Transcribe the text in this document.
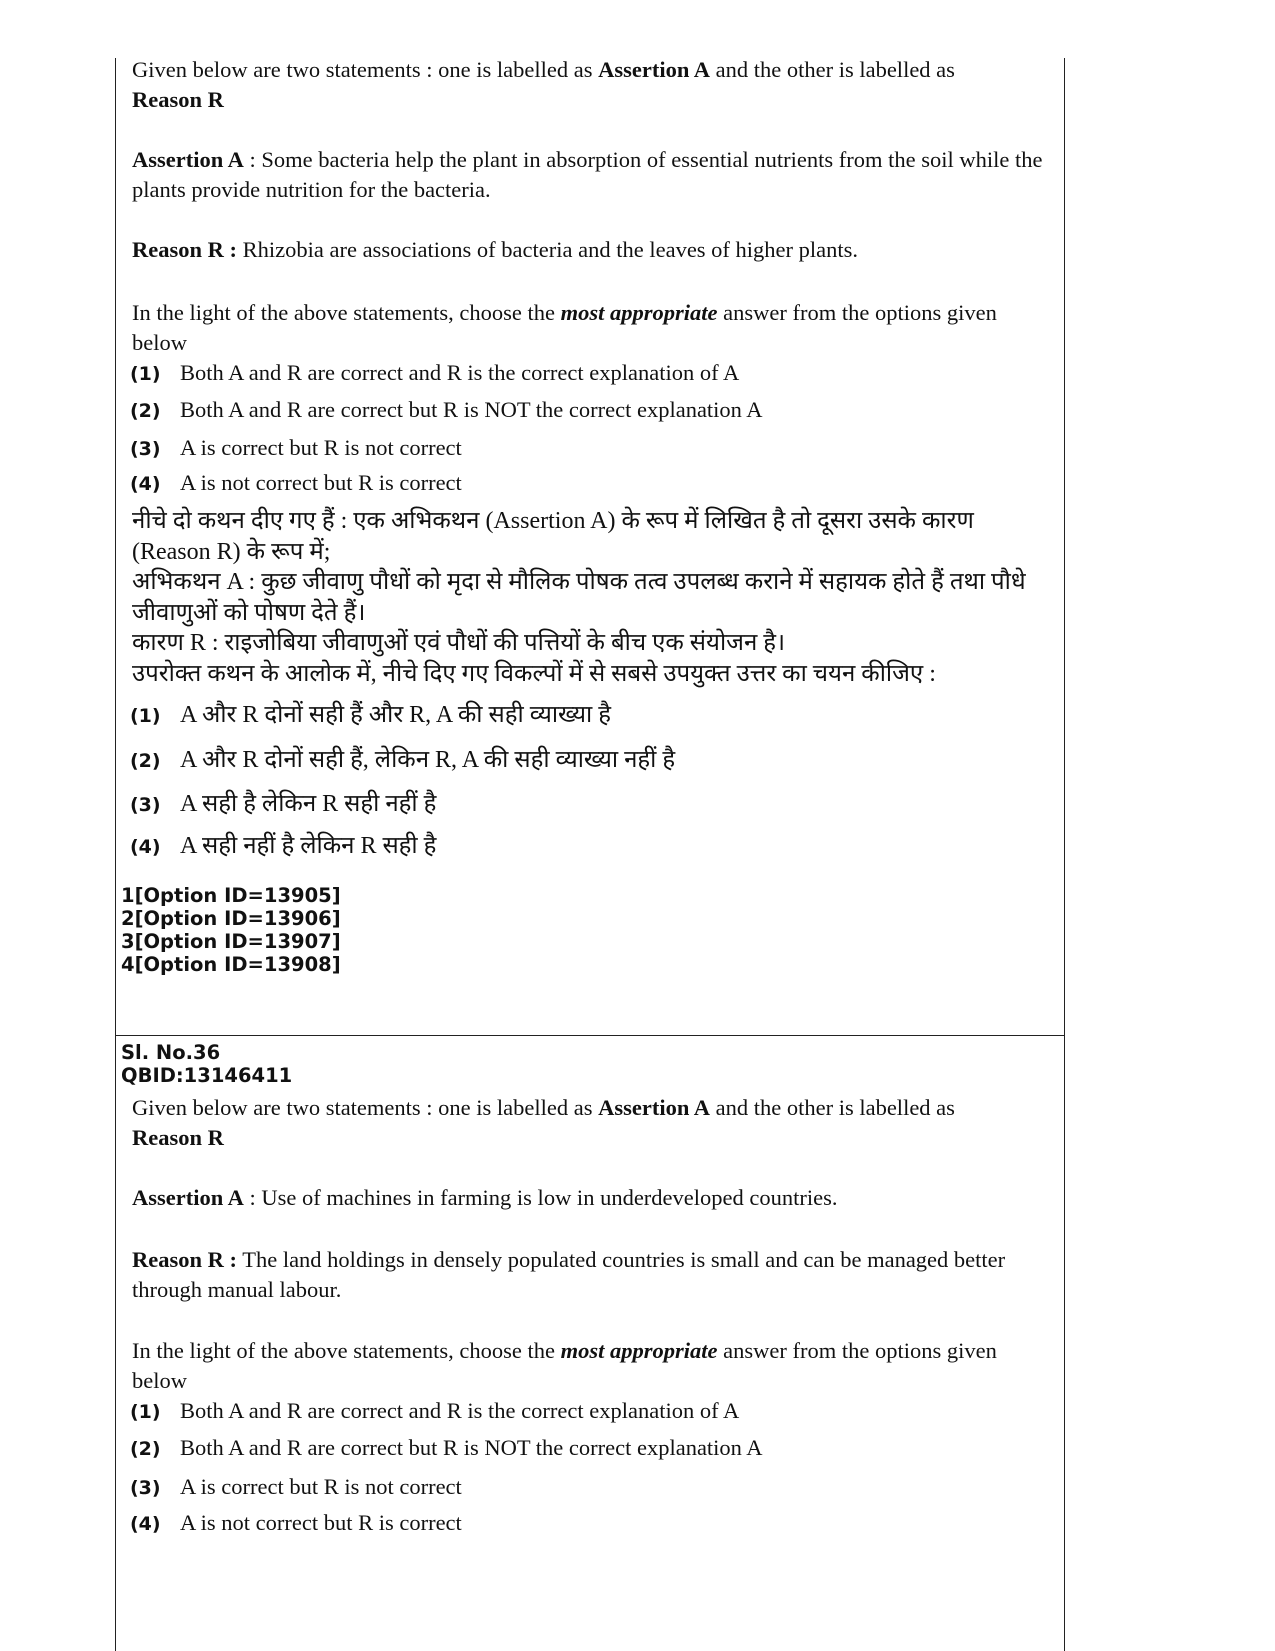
Given below are two statements : one is labelled as Assertion A and the other is labelled as
Reason R
Assertion A : Some bacteria help the plant in absorption of essential nutrients from the soil while the plants provide nutrition for the bacteria.
Reason R : Rhizobia are associations of bacteria and the leaves of higher plants.
In the light of the above statements, choose the most appropriate answer from the options given below
(1) Both A and R are correct and R is the correct explanation of A
(2) Both A and R are correct but R is NOT the correct explanation A
(3) A is correct but R is not correct
(4) A is not correct but R is correct
नीचे दो कथन दीए गए हैं : एक अभिकथन (Assertion A) के रूप में लिखित है तो दूसरा उसके कारण (Reason R) के रूप में;
अभिकथन A : कुछ जीवाणु पौधों को मृदा से मौलिक पोषक तत्व उपलब्ध कराने में सहायक होते हैं तथा पौधे जीवाणुओं को पोषण देते हैं।
कारण R : राइजोबिया जीवाणुओं एवं पौधों की पत्तियों के बीच एक संयोजन है।
उपरोक्त कथन के आलोक में, नीचे दिए गए विकल्पों में से सबसे उपयुक्त उत्तर का चयन कीजिए :
(1) A और R दोनों सही हैं और R, A की सही व्याख्या है
(2) A और R दोनों सही हैं, लेकिन R, A की सही व्याख्या नहीं है
(3) A सही है लेकिन R सही नहीं है
(4) A सही नहीं है लेकिन R सही है
1[Option ID=13905]
2[Option ID=13906]
3[Option ID=13907]
4[Option ID=13908]
Sl. No.36
QBID:13146411
Given below are two statements : one is labelled as Assertion A and the other is labelled as
Reason R
Assertion A : Use of machines in farming is low in underdeveloped countries.
Reason R : The land holdings in densely populated countries is small and can be managed better through manual labour.
In the light of the above statements, choose the most appropriate answer from the options given below
(1) Both A and R are correct and R is the correct explanation of A
(2) Both A and R are correct but R is NOT the correct explanation A
(3) A is correct but R is not correct
(4) A is not correct but R is correct
